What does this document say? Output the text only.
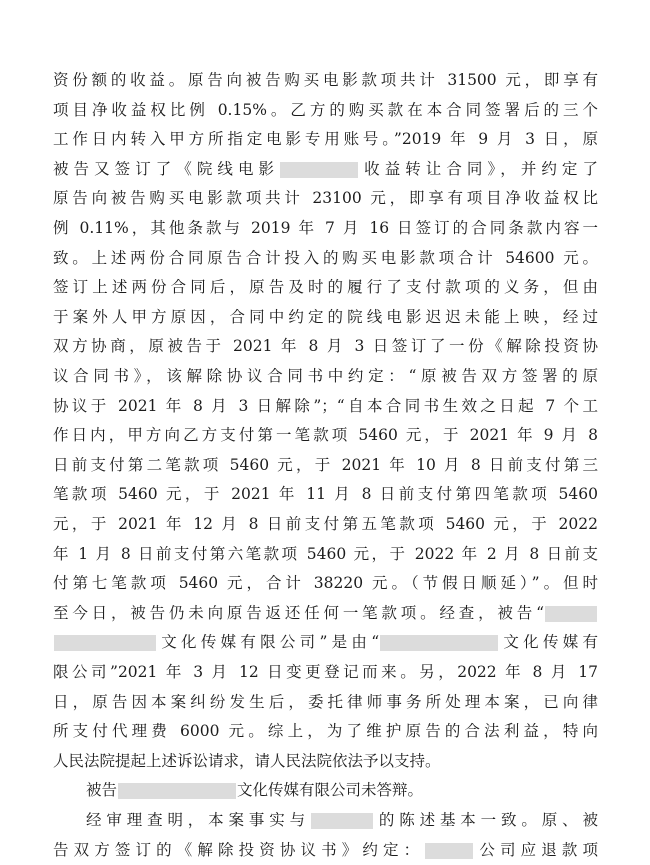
资份额的收益。原告向被告购买电影款项共计 31500 元，即享有
项目净收益权比例 0.15%。乙方的购买款在本合同签署后的三个
工作日内转入甲方所指定电影专用账号。”2019 年 9 月 3 日，原
被告又签订了《院线电影	收益转让合同》，并约定了
原告向被告购买电影款项共计 23100 元，即享有项目净收益权比
例 0.11%，其他条款与 2019 年 7 月 16 日签订的合同条款内容一
致。上述两份合同原告合计投入的购买电影款项合计 54600 元。
签订上述两份合同后，原告及时的履行了支付款项的义务，但由
于案外人甲方原因，合同中约定的院线电影迟迟未能上映，经过
双方协商，原被告于 2021 年 8 月 3 日签订了一份《解除投资协
议合同书》，该解除协议合同书中约定：“原被告双方签署的原
协议于 2021 年 8 月 3 日解除”；“自本合同书生效之日起 7 个工
作日内，甲方向乙方支付第一笔款项 5460 元，于 2021 年 9 月 8
日前支付第二笔款项 5460 元，于 2021 年 10 月 8 日前支付第三
笔款项 5460 元，于 2021 年 11 月 8 日前支付第四笔款项 5460
元，于 2021 年 12 月 8 日前支付第五笔款项 5460 元，于 2022
年 1 月 8 日前支付第六笔款项 5460 元，于 2022 年 2 月 8 日前支
付第七笔款项 5460 元，合计 38220 元。（节假日顺延）”。但时
至今日，被告仍未向原告返还任何一笔款项。经查，被告“
文化传媒有限公司”是由“	文化传媒有
限公司”2021 年 3 月 12 日变更登记而来。另，2022 年 8 月 17
日，原告因本案纠纷发生后，委托律师事务所处理本案，已向律
所支付代理费 6000 元。综上，为了维护原告的合法利益，特向
人民法院提起上述诉讼请求，请人民法院依法予以支持。
被告	文化传媒有限公司未答辩。
经审理查明，本案事实与	的陈述基本一致。原、被
告双方签订的《解除投资协议书》约定：	公司应退款项
